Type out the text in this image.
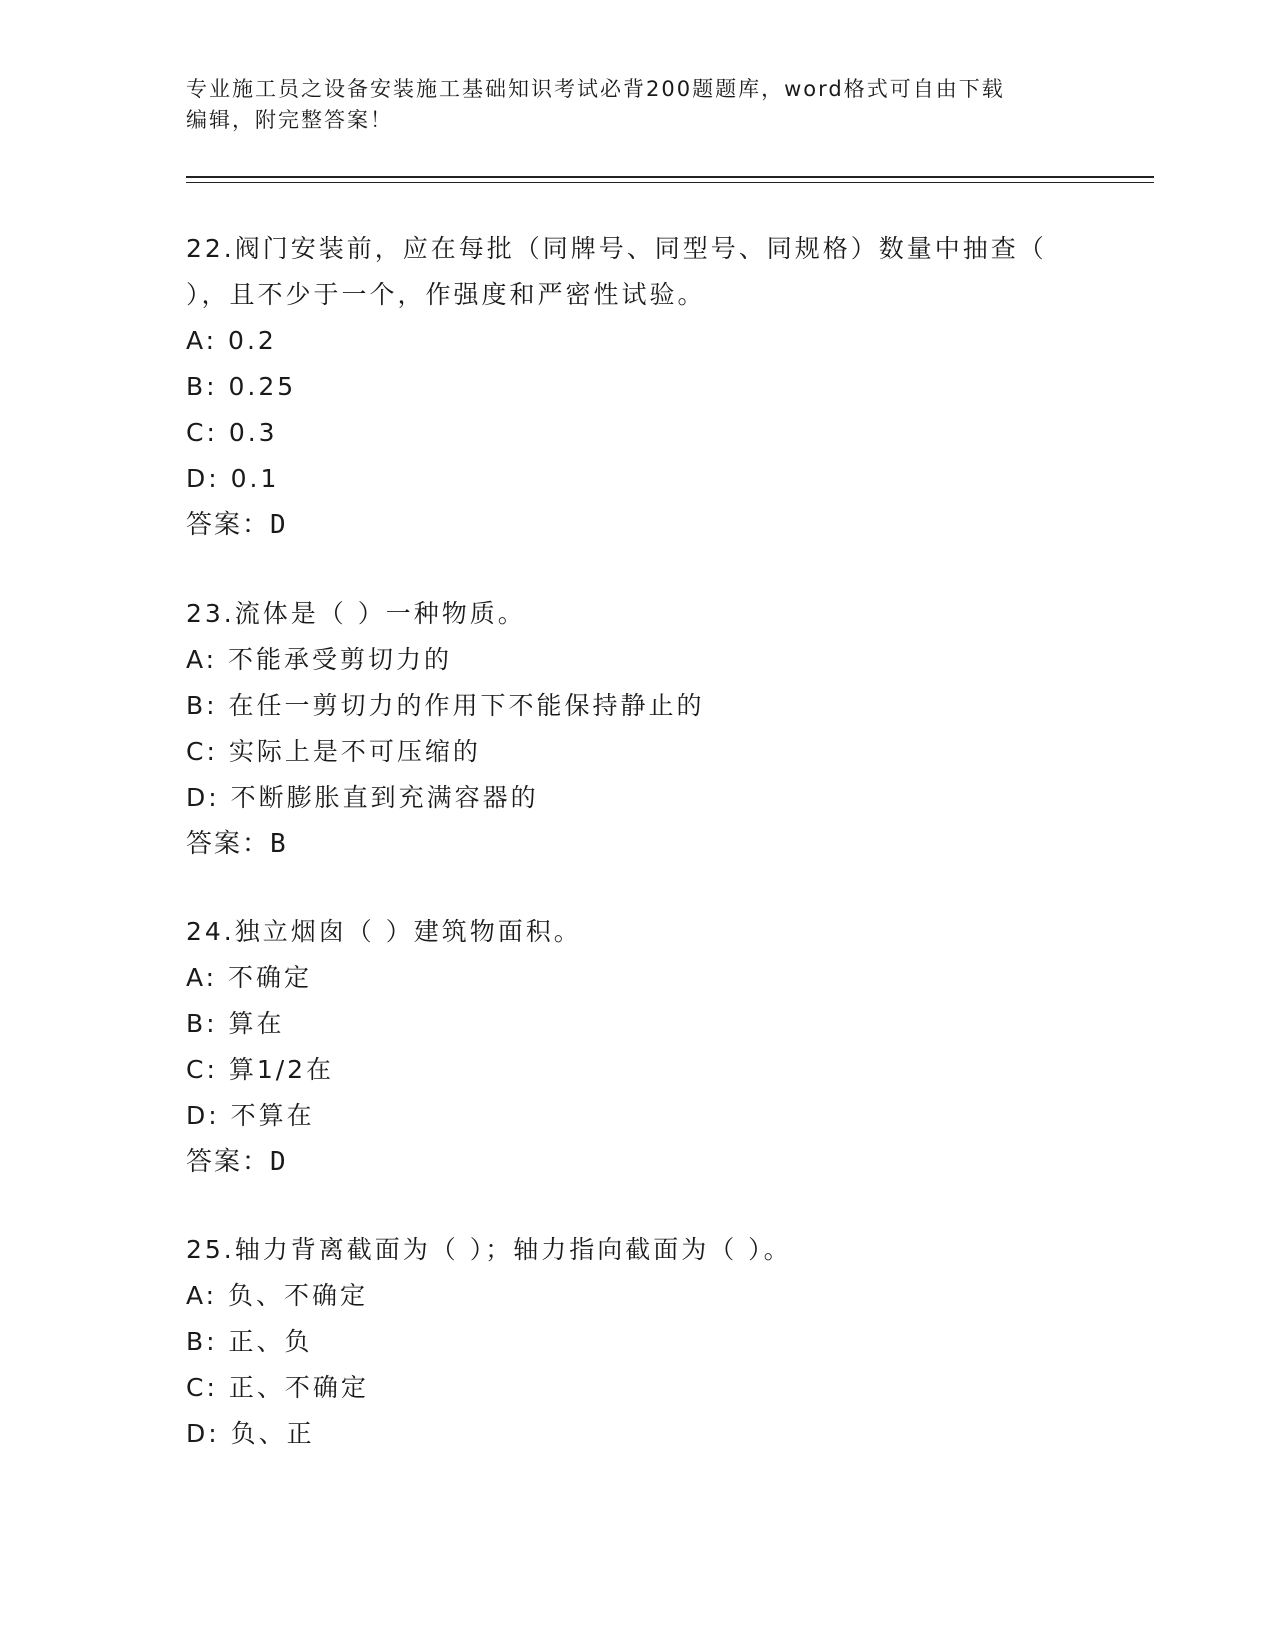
专业施工员之设备安装施工基础知识考试必背200题题库，word格式可自由下载
编辑，附完整答案！

22.阀门安装前，应在每批（同牌号、同型号、同规格）数量中抽查（

），且不少于一个，作强度和严密性试验。

A: 0.2

B: 0.25

C: 0.3

D: 0.1

答案：D

23.流体是（ ）一种物质。

A: 不能承受剪切力的

B: 在任一剪切力的作用下不能保持静止的

C: 实际上是不可压缩的

D: 不断膨胀直到充满容器的

答案：B

24.独立烟囱（ ）建筑物面积。

A: 不确定

B: 算在

C: 算1/2在

D: 不算在

答案：D

25.轴力背离截面为（ ）；轴力指向截面为（ ）。

A: 负、不确定

B: 正、负

C: 正、不确定

D: 负、正
